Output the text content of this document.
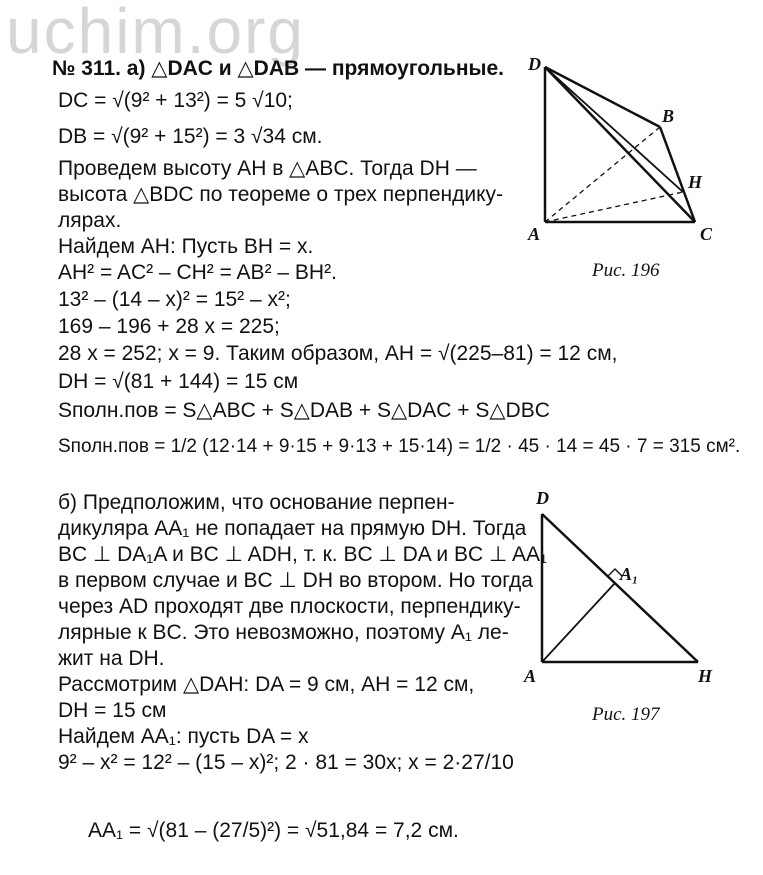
uchim.org
№ 311. а) △DAC и △DAB — прямоугольные.
DC = √(9² + 13²) = 5 √10;
DB = √(9² + 15²) = 3 √34 см.
Проведем высоту AH в △ABC. Тогда DH —
высота △BDC по теореме о трех перпендику-
лярах.
Найдем AH: Пусть BH = x.
AH² = AC² – CH² = AB² – BH².
13² – (14 – x)² = 15² – x²;
169 – 196 + 28 x = 225;
28 x = 252; x = 9. Таким образом, AH = √(225–81) = 12 см,
DH = √(81 + 144) = 15 см
Sполн.пов = S△ABC + S△DAB + S△DAC + S△DBC
Sполн.пов = 1/2 (12·14 + 9·15 + 9·13 + 15·14) = 1/2 · 45 · 14 = 45 · 7 = 315 см².
D
B
H
A	C
Рис. 196
б) Предположим, что основание перпен-
дикуляра AA₁ не попадает на прямую DH. Тогда
BC ⊥ DA₁A и BC ⊥ ADH, т. к. BC ⊥ DA и BC ⊥ AA₁
в первом случае и BC ⊥ DH во втором. Но тогда
через AD проходят две плоскости, перпендику-
лярные к BC. Это невозможно, поэтому A₁ ле-
жит на DH.
Рассмотрим △DAH: DA = 9 см, AH = 12 см,
DH = 15 см
Найдем AA₁: пусть DA = x
9² – x² = 12² – (15 – x)²; 2 · 81 = 30x; x = 2·27/10
AA₁ = √(81 – (27/5)²) = √51,84 = 7,2 см.
D
A₁
A	H
Рис. 197
